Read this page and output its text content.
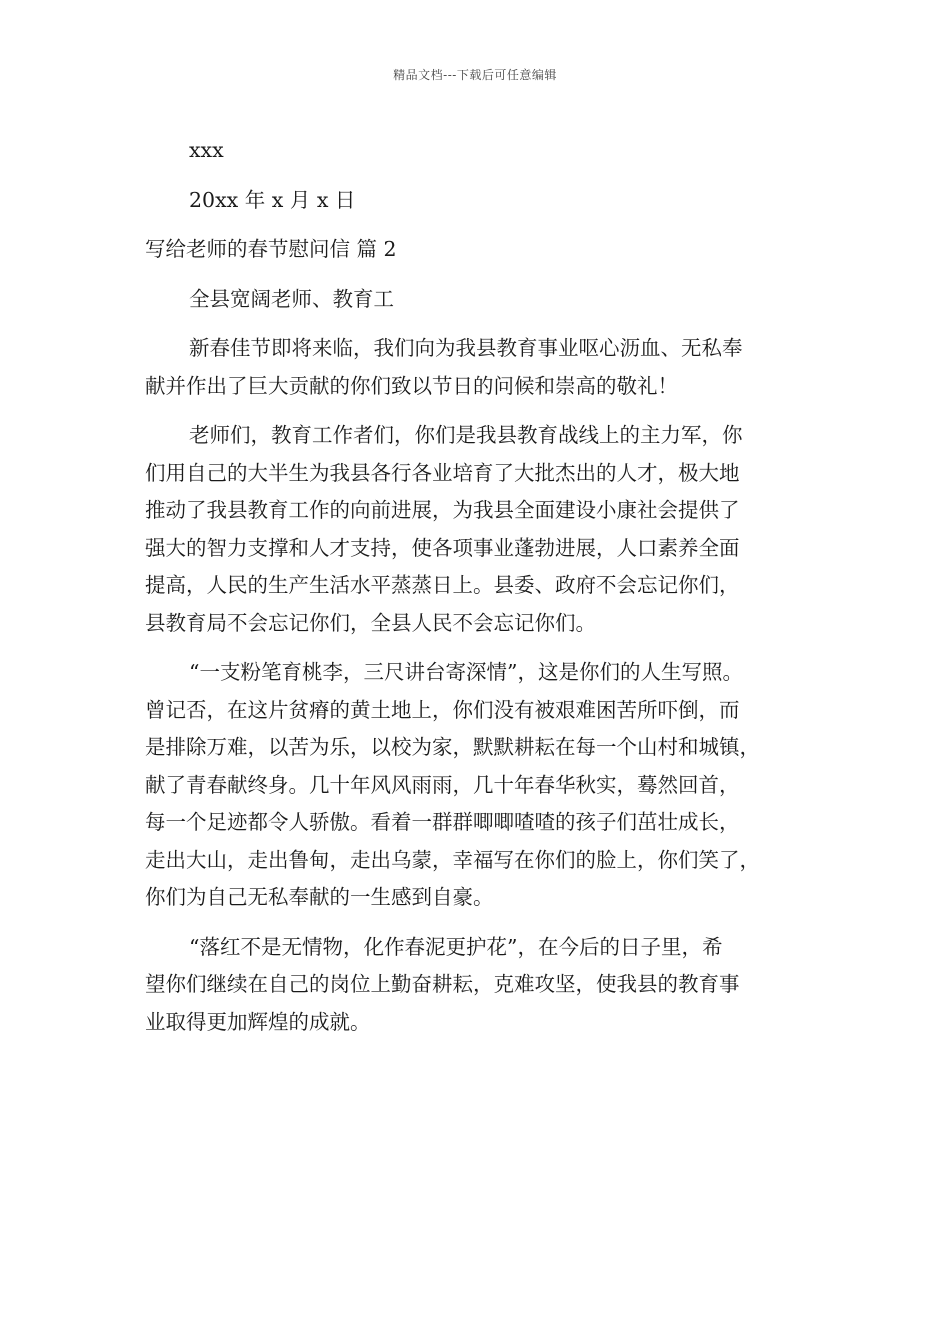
精品文档---下载后可任意编辑
xxx
20xx 年 x 月 x 日
写给老师的春节慰问信 篇 2
全县宽阔老师、教育工

新春佳节即将来临，我们向为我县教育事业呕心沥血、无私奉

献并作出了巨大贡献的你们致以节日的问候和崇高的敬礼！

老师们，教育工作者们，你们是我县教育战线上的主力军，你

们用自己的大半生为我县各行各业培育了大批杰出的人才，极大地

推动了我县教育工作的向前进展，为我县全面建设小康社会提供了

强大的智力支撑和人才支持，使各项事业蓬勃进展，人口素养全面

提高，人民的生产生活水平蒸蒸日上。县委、政府不会忘记你们，

县教育局不会忘记你们，全县人民不会忘记你们。

“一支粉笔育桃李，三尺讲台寄深情”，这是你们的人生写照。

曾记否，在这片贫瘠的黄土地上，你们没有被艰难困苦所吓倒，而

是排除万难，以苦为乐，以校为家，默默耕耘在每一个山村和城镇，

献了青春献终身。几十年风风雨雨，几十年春华秋实，蓦然回首，

每一个足迹都令人骄傲。看着一群群唧唧喳喳的孩子们茁壮成长，

走出大山，走出鲁甸，走出乌蒙，幸福写在你们的脸上，你们笑了，

你们为自己无私奉献的一生感到自豪。

“落红不是无情物，化作春泥更护花”，在今后的日子里，希

望你们继续在自己的岗位上勤奋耕耘，克难攻坚，使我县的教育事

业取得更加辉煌的成就。
